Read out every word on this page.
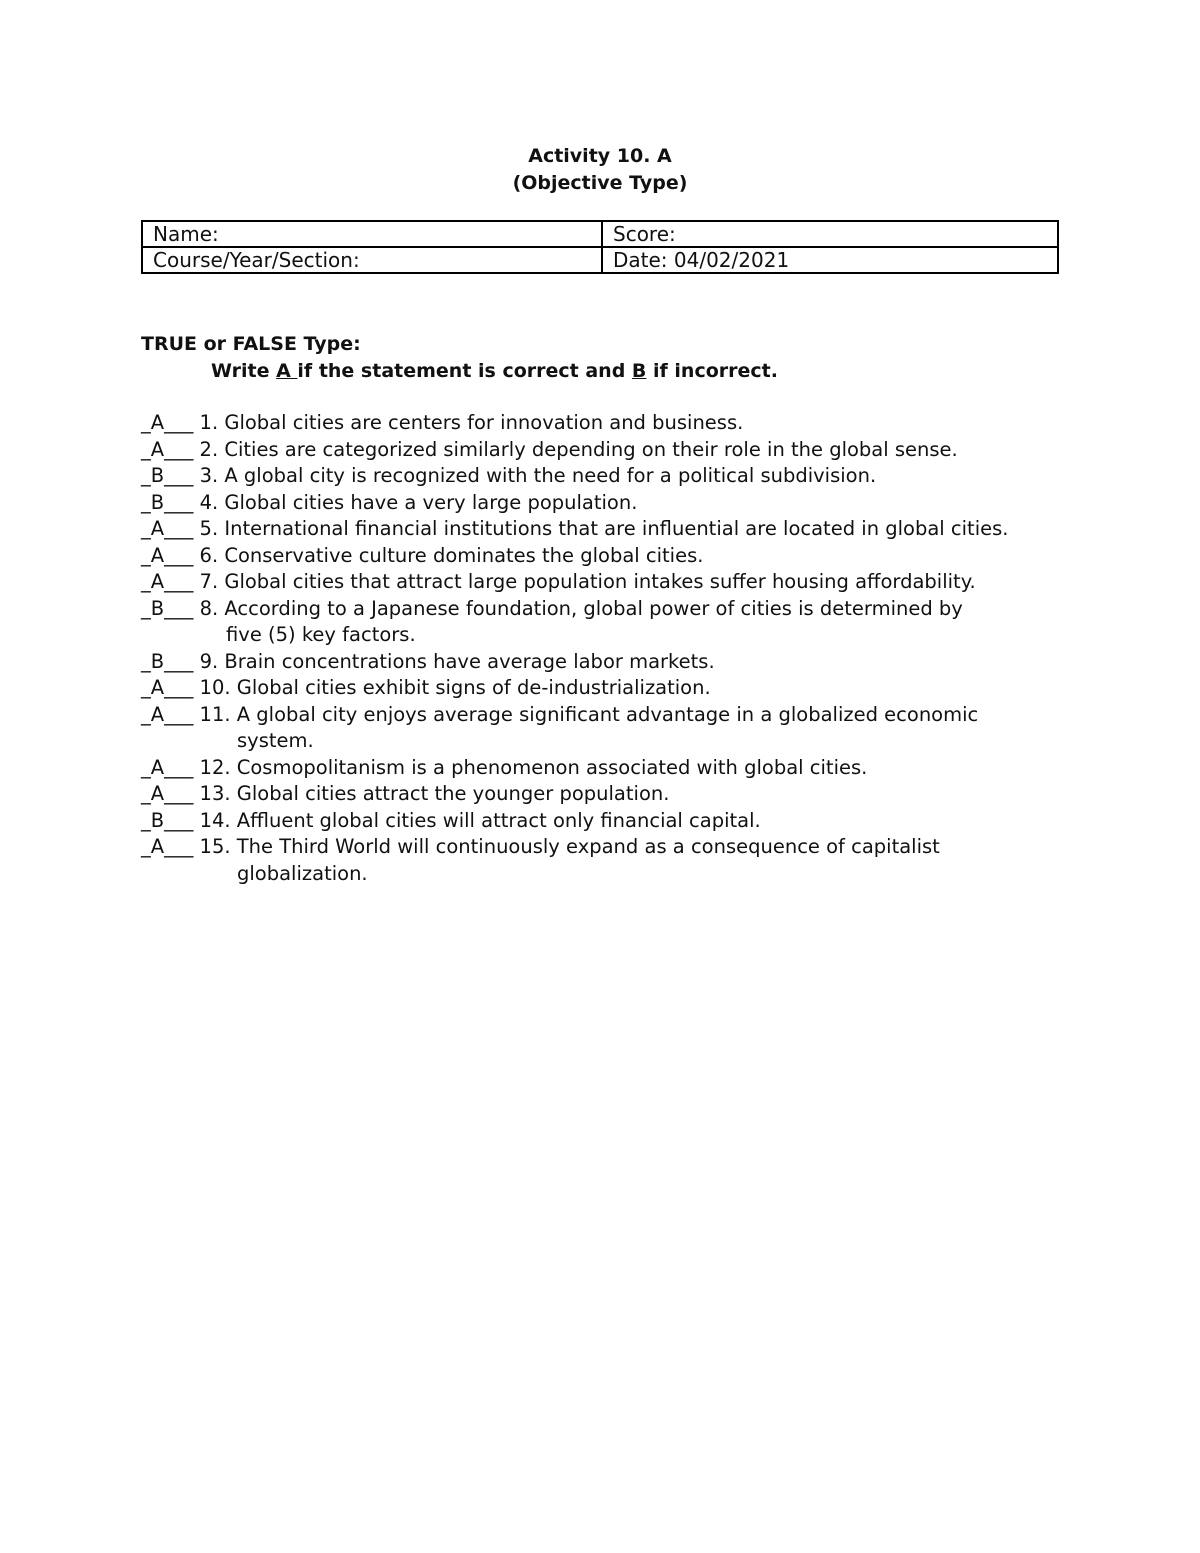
Activity 10. A
(Objective Type)
Name:	Score:
Course/Year/Section:	Date: 04/02/2021
TRUE or FALSE Type:
Write A if the statement is correct and B if incorrect.
_A___ 1. Global cities are centers for innovation and business.
_A___ 2. Cities are categorized similarly depending on their role in the global sense.
_B___ 3. A global city is recognized with the need for a political subdivision.
_B___ 4. Global cities have a very large population.
_A___ 5. International financial institutions that are influential are located in global cities.
_A___ 6. Conservative culture dominates the global cities.
_A___ 7. Global cities that attract large population intakes suffer housing affordability.
_B___ 8. According to a Japanese foundation, global power of cities is determined by
five (5) key factors.
_B___ 9. Brain concentrations have average labor markets.
_A___ 10. Global cities exhibit signs of de-industrialization.
_A___ 11. A global city enjoys average significant advantage in a globalized economic
system.
_A___ 12. Cosmopolitanism is a phenomenon associated with global cities.
_A___ 13. Global cities attract the younger population.
_B___ 14. Affluent global cities will attract only financial capital.
_A___ 15. The Third World will continuously expand as a consequence of capitalist
globalization.
